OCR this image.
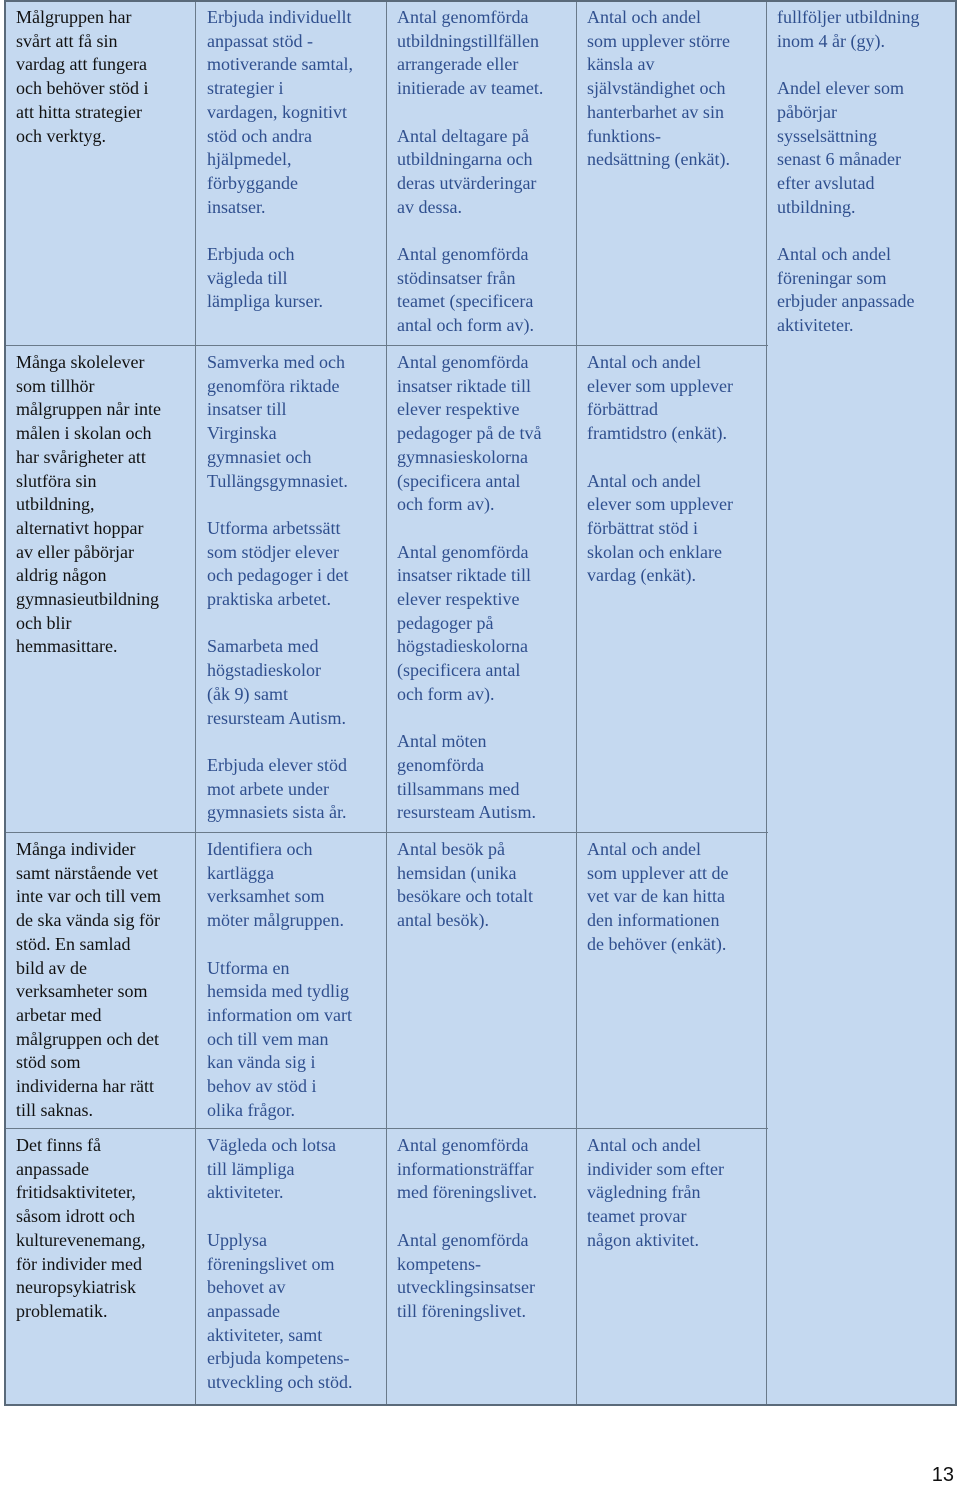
Målgruppen har
svårt att få sin
vardag att fungera
och behöver stöd i
att hitta strategier
och verktyg.

Erbjuda individuellt
anpassat stöd -
motiverande samtal,
strategier i
vardagen, kognitivt
stöd och andra
hjälpmedel,
förbyggande
insatser.

Erbjuda och
vägleda till
lämpliga kurser.

Antal genomförda
utbildningstillfällen
arrangerade eller
initierade av teamet.

Antal deltagare på
utbildningarna och
deras utvärderingar
av dessa.

Antal genomförda
stödinsatser från
teamet (specificera
antal och form av).

Antal och andel
som upplever större
känsla av
självständighet och
hanterbarhet av sin
funktions-
nedsättning (enkät).

fullföljer utbildning
inom 4 år (gy).

Andel elever som
påbörjar
sysselsättning
senast 6 månader
efter avslutad
utbildning.

Antal och andel
föreningar som
erbjuder anpassade
aktiviteter.

Många skolelever
som tillhör
målgruppen når inte
målen i skolan och
har svårigheter att
slutföra sin
utbildning,
alternativt hoppar
av eller påbörjar
aldrig någon
gymnasieutbildning
och blir
hemmasittare.

Samverka med och
genomföra riktade
insatser till
Virginska
gymnasiet och
Tullängsgymnasiet.

Utforma arbetssätt
som stödjer elever
och pedagoger i det
praktiska arbetet.

Samarbeta med
högstadieskolor
(åk 9) samt
resursteam Autism.

Erbjuda elever stöd
mot arbete under
gymnasiets sista år.

Antal genomförda
insatser riktade till
elever respektive
pedagoger på de två
gymnasieskolorna
(specificera antal
och form av).

Antal genomförda
insatser riktade till
elever respektive
pedagoger på
högstadieskolorna
(specificera antal
och form av).

Antal möten
genomförda
tillsammans med
resursteam Autism.

Antal och andel
elever som upplever
förbättrad
framtidstro (enkät).

Antal och andel
elever som upplever
förbättrat stöd i
skolan och enklare
vardag (enkät).

Många individer
samt närstående vet
inte var och till vem
de ska vända sig för
stöd. En samlad
bild av de
verksamheter som
arbetar med
målgruppen och det
stöd som
individerna har rätt
till saknas.

Identifiera och
kartlägga
verksamhet som
möter målgruppen.

Utforma en
hemsida med tydlig
information om vart
och till vem man
kan vända sig i
behov av stöd i
olika frågor.

Antal besök på
hemsidan (unika
besökare och totalt
antal besök).

Antal och andel
som upplever att de
vet var de kan hitta
den informationen
de behöver (enkät).

Det finns få
anpassade
fritidsaktiviteter,
såsom idrott och
kulturevenemang,
för individer med
neuropsykiatrisk
problematik.

Vägleda och lotsa
till lämpliga
aktiviteter.

Upplysa
föreningslivet om
behovet av
anpassade
aktiviteter, samt
erbjuda kompetens-
utveckling och stöd.

Antal genomförda
informationsträffar
med föreningslivet.

Antal genomförda
kompetens-
utvecklingsinsatser
till föreningslivet.

Antal och andel
individer som efter
vägledning från
teamet provar
någon aktivitet.

13
